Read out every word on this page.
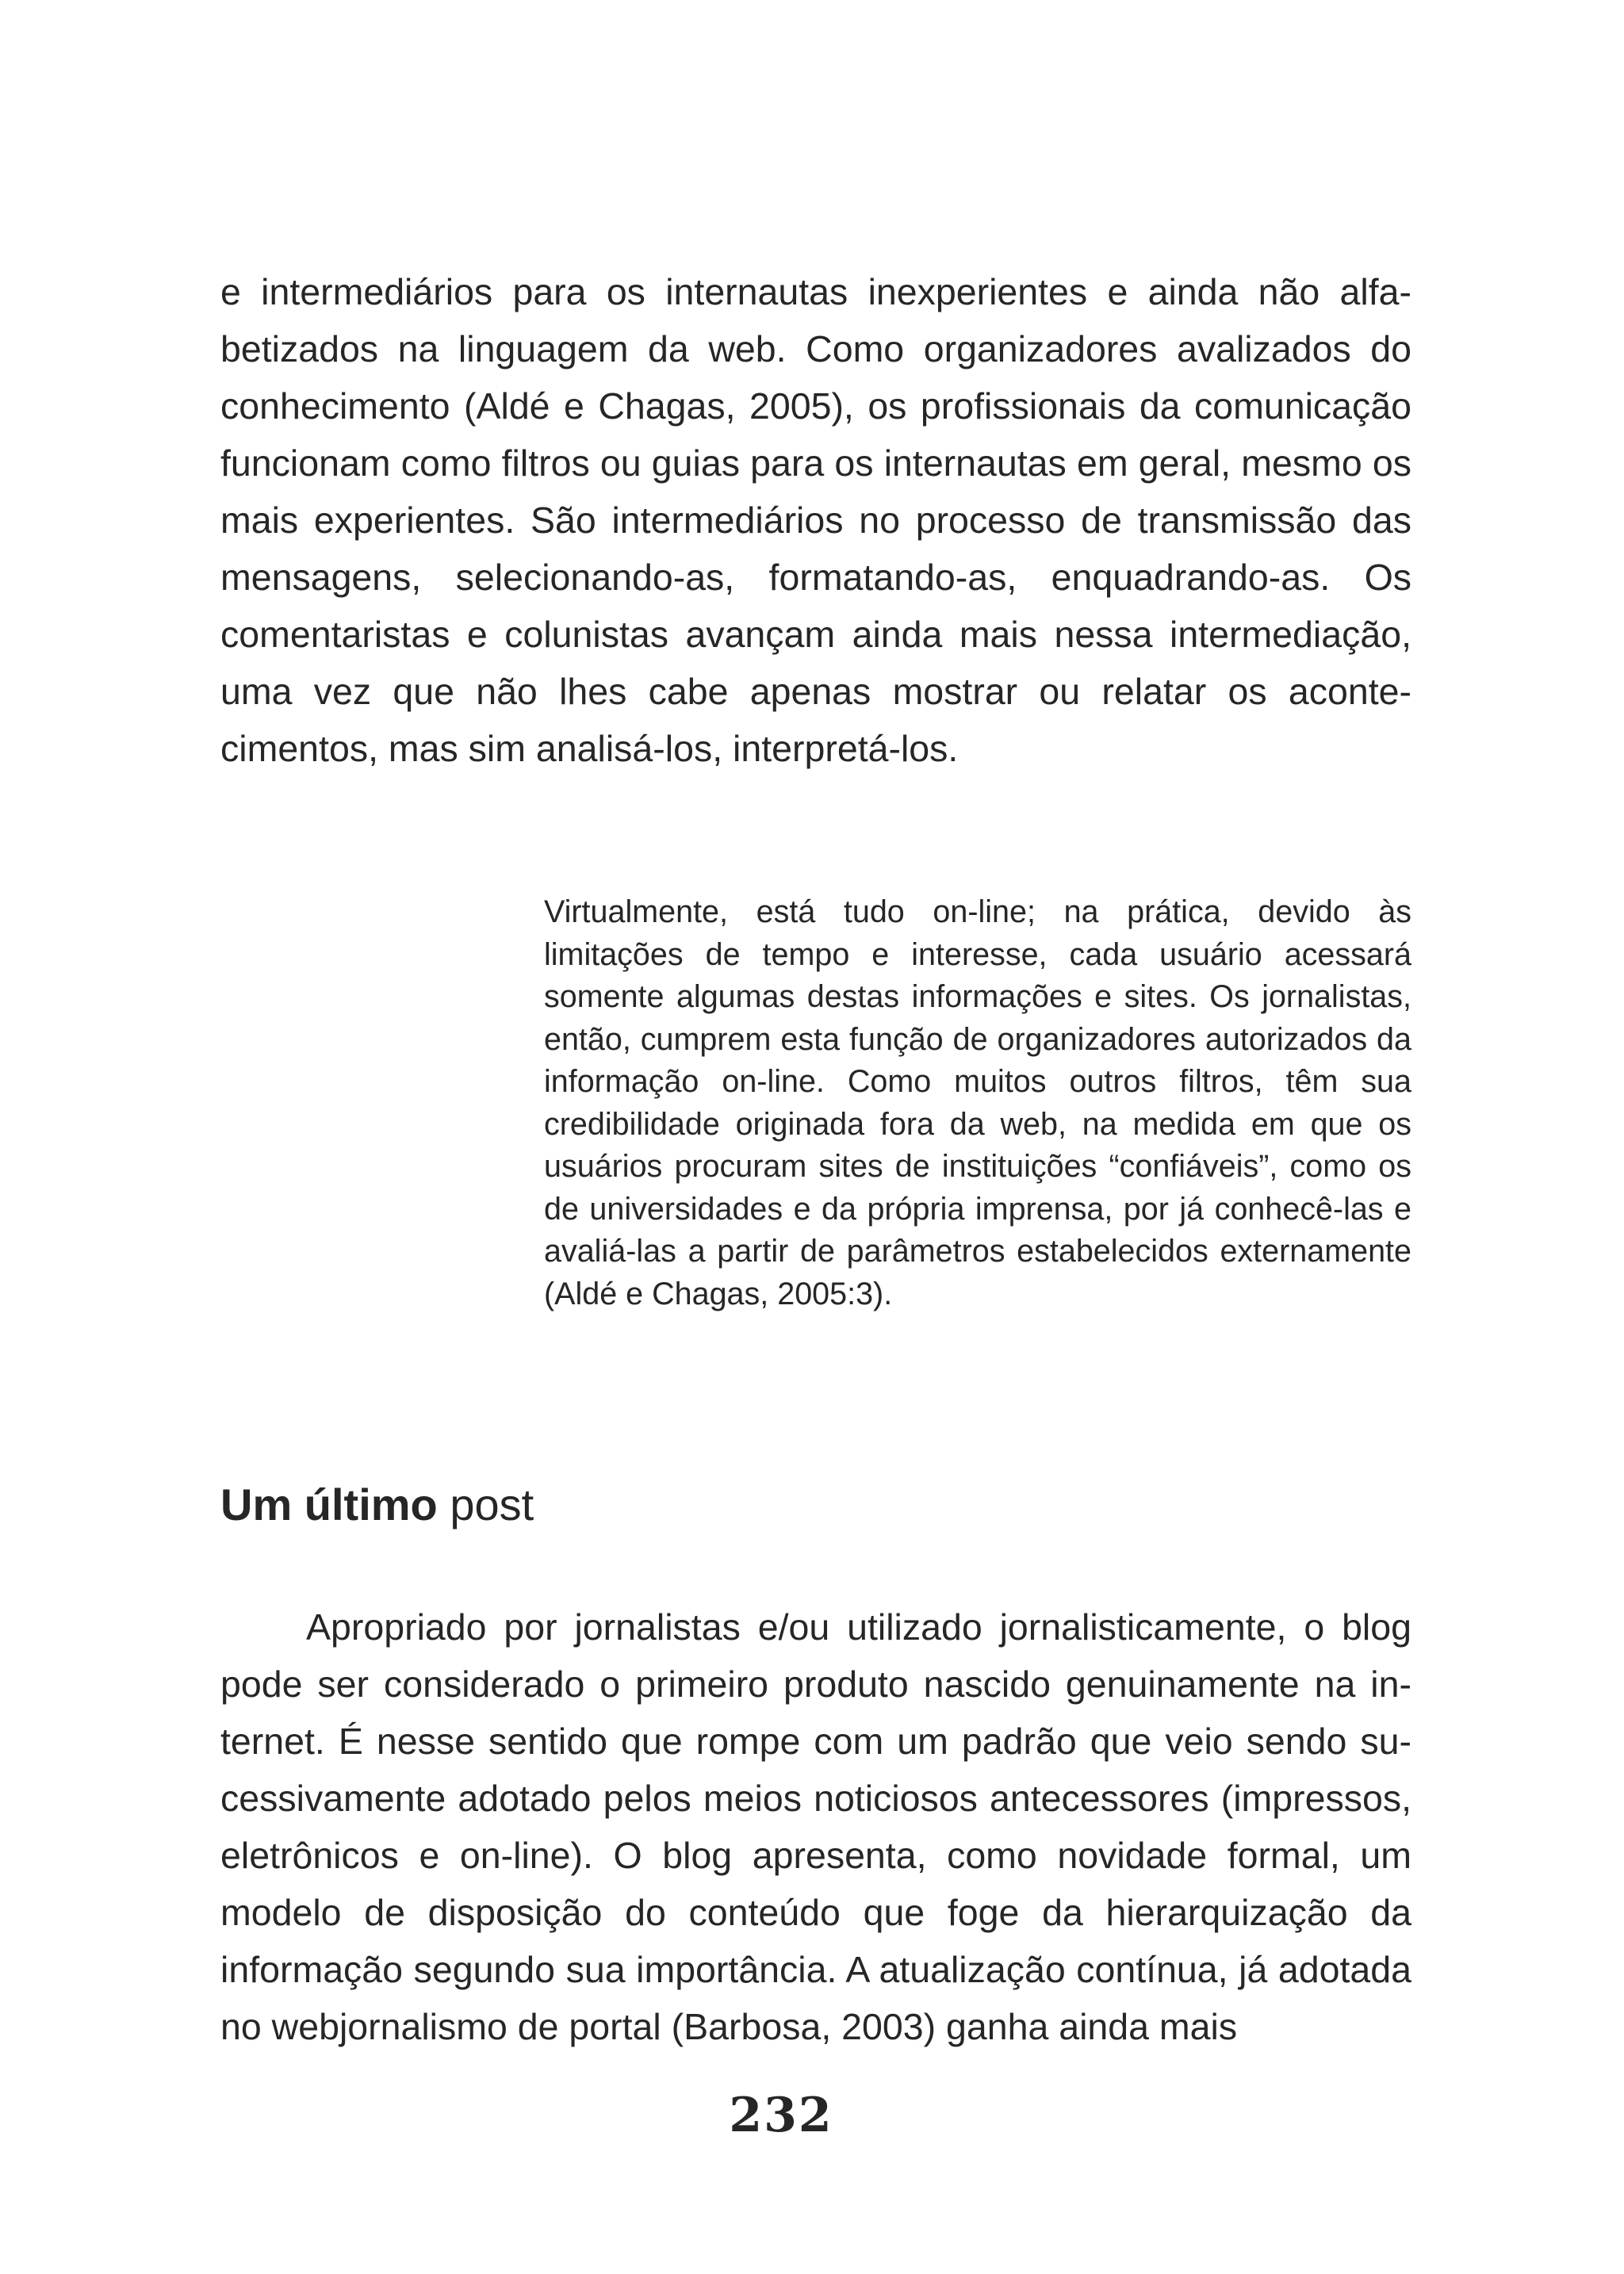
e intermediários para os internautas inexperientes e ainda não alfabetizados na linguagem da web. Como organizadores avalizados do conhecimento (Aldé e Chagas, 2005), os profissionais da comunicação funcionam como filtros ou guias para os internautas em geral, mesmo os mais experientes. São intermediários no processo de transmissão das mensagens, selecionando-as, formatando-as, enquadrando-as. Os comentaristas e colunistas avançam ainda mais nessa intermediação, uma vez que não lhes cabe apenas mostrar ou relatar os acontecimentos, mas sim analisá-los, interpretá-los.

Virtualmente, está tudo on-line; na prática, devido às limitações de tempo e interesse, cada usuário acessará somente algumas destas informações e sites. Os jornalistas, então, cumprem esta função de organizadores autorizados da informação on-line. Como muitos outros filtros, têm sua credibilidade originada fora da web, na medida em que os usuários procuram sites de instituições “confiáveis”, como os de universidades e da própria imprensa, por já conhecê-las e avaliá-las a partir de parâmetros estabelecidos externamente (Aldé e Chagas, 2005:3).

Um último post

Apropriado por jornalistas e/ou utilizado jornalisticamente, o blog pode ser considerado o primeiro produto nascido genuinamente na internet. É nesse sentido que rompe com um padrão que veio sendo sucessivamente adotado pelos meios noticiosos antecessores (impressos, eletrônicos e on-line). O blog apresenta, como novidade formal, um modelo de disposição do conteúdo que foge da hierarquização da informação segundo sua importância. A atualização contínua, já adotada no webjornalismo de portal (Barbosa, 2003) ganha ainda mais

232
